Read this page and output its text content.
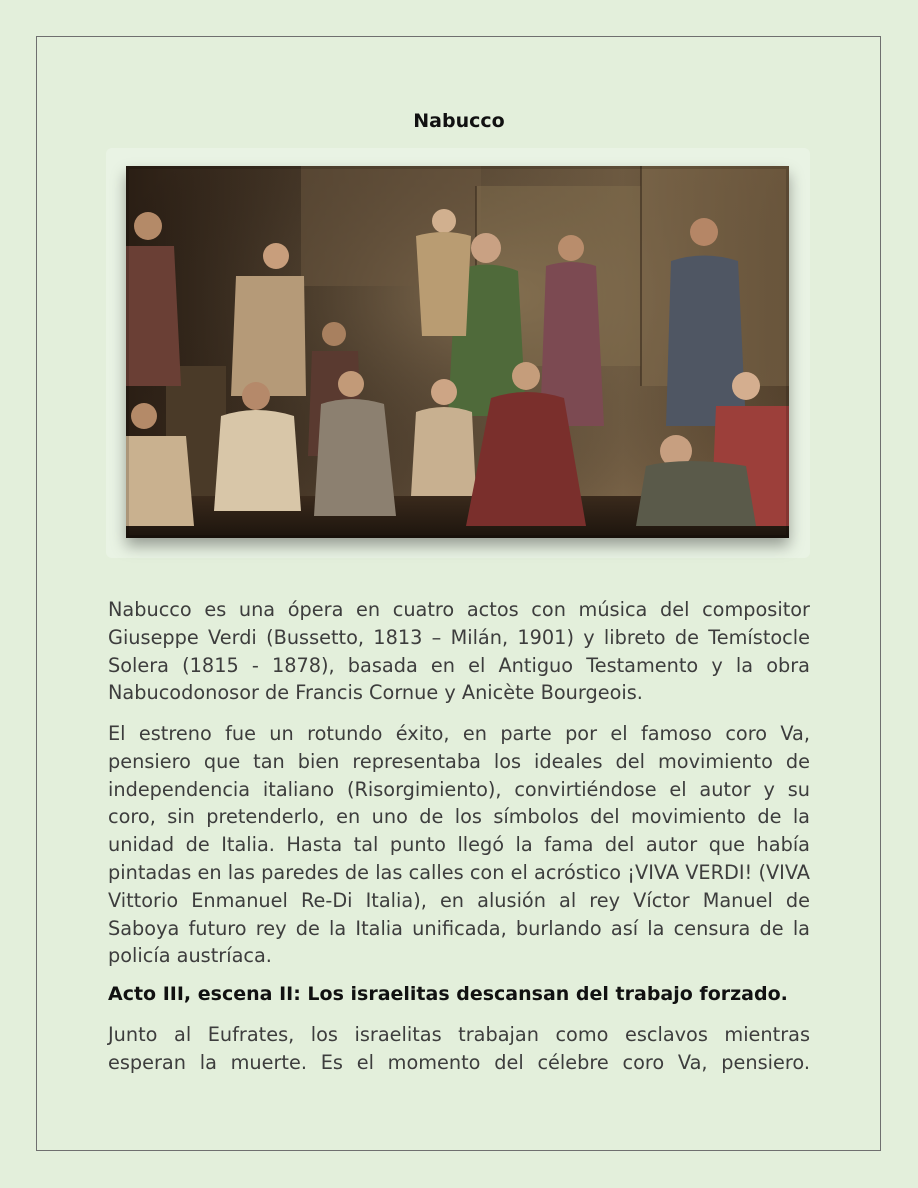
Nabucco
Nabucco es una ópera en cuatro actos con música del compositor Giuseppe Verdi (Bussetto, 1813 – Milán, 1901) y libreto de Temístocle Solera (1815 - 1878), basada en el Antiguo Testamento y la obra Nabucodonosor de Francis Cornue y Anicète Bourgeois.
El estreno fue un rotundo éxito, en parte por el famoso coro Va, pensiero que tan bien representaba los ideales del movimiento de independencia italiano (Risorgimiento), convirtiéndose el autor y su coro, sin pretenderlo, en uno de los símbolos del movimiento de la unidad de Italia. Hasta tal punto llegó la fama del autor que había pintadas en las paredes de las calles con el acróstico ¡VIVA VERDI! (VIVA Vittorio Enmanuel Re-Di Italia), en alusión al rey Víctor Manuel de Saboya futuro rey de la Italia unificada, burlando así la censura de la policía austríaca.
Acto III, escena II: Los israelitas descansan del trabajo forzado.
Junto al Eufrates, los israelitas trabajan como esclavos mientras esperan la muerte. Es el momento del célebre coro Va, pensiero.
